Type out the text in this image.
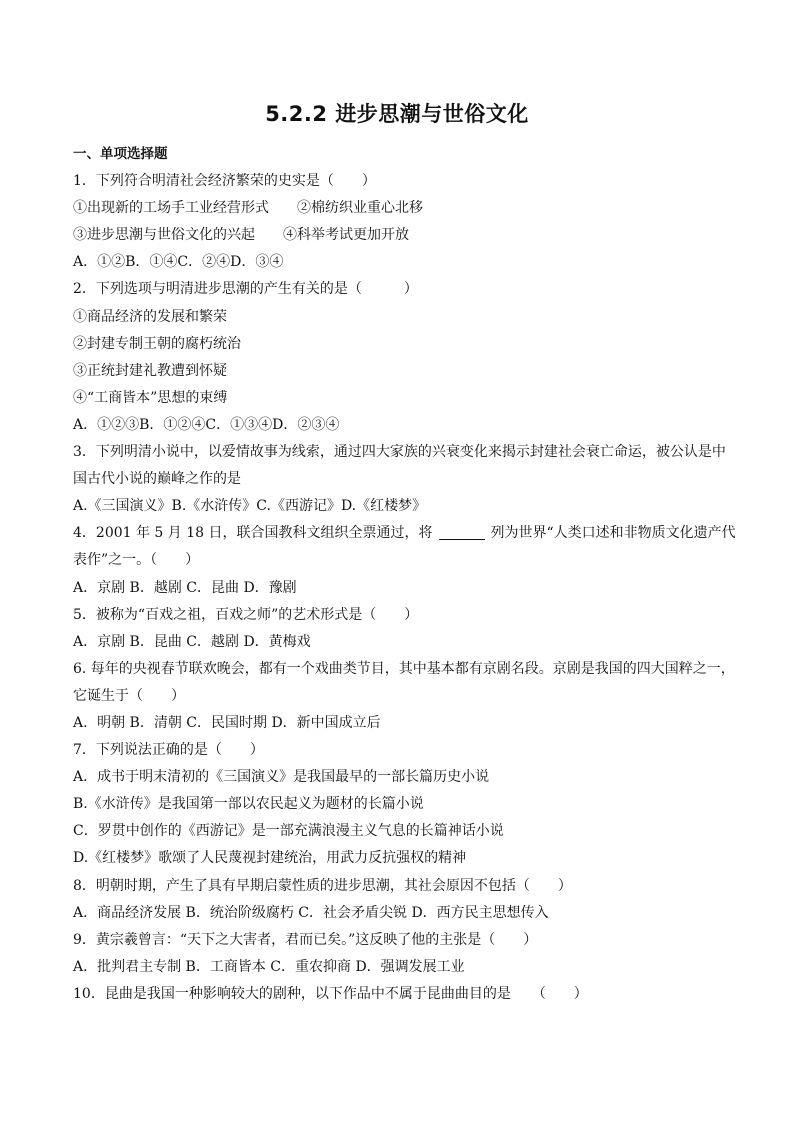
5.2.2 进步思潮与世俗文化
一、单项选择题
1．下列符合明清社会经济繁荣的史实是（　　）
①出现新的工场手工业经营形式 ②棉纺织业重心北移
③进步思潮与世俗文化的兴起 ④科举考试更加开放
A．①②B．①④C．②④D．③④
2．下列选项与明清进步思潮的产生有关的是（　　　）
①商品经济的发展和繁荣
②封建专制王朝的腐朽统治
③正统封建礼教遭到怀疑
④“工商皆本”思想的束缚
A．①②③B．①②④C．①③④D．②③④
3．下列明清小说中，以爱情故事为线索，通过四大家族的兴衰变化来揭示封建社会衰亡命运，被公认是中
国古代小说的巅峰之作的是
A.《三国演义》B.《水浒传》C.《西游记》D.《红楼梦》
4．2001 年 5 月 18 日，联合国教科文组织全票通过，将	列为世界“人类口述和非物质文化遗产代
表作”之一。（　　）
A．京剧 B．越剧 C．昆曲 D．豫剧
5．被称为“百戏之祖，百戏之师”的艺术形式是（　　）
A．京剧 B．昆曲 C．越剧 D．黄梅戏
6. 每年的央视春节联欢晚会，都有一个戏曲类节目，其中基本都有京剧名段。京剧是我国的四大国粹之一，
它诞生于（　　）
A．明朝 B．清朝 C．民国时期 D．新中国成立后
7．下列说法正确的是（　　）
A．成书于明末清初的《三国演义》是我国最早的一部长篇历史小说
B.《水浒传》是我国第一部以农民起义为题材的长篇小说
C．罗贯中创作的《西游记》是一部充满浪漫主义气息的长篇神话小说
D.《红楼梦》歌颂了人民蔑视封建统治，用武力反抗强权的精神
8．明朝时期，产生了具有早期启蒙性质的进步思潮，其社会原因不包括（　　）
A．商品经济发展 B．统治阶级腐朽 C．社会矛盾尖锐 D．西方民主思想传入
9．黄宗羲曾言：“天下之大害者，君而已矣。”这反映了他的主张是（　　）
A．批判君主专制 B．工商皆本 C．重农抑商 D．强调发展工业
10．昆曲是我国一种影响较大的剧种，以下作品中不属于昆曲曲目的是　　（　　）
